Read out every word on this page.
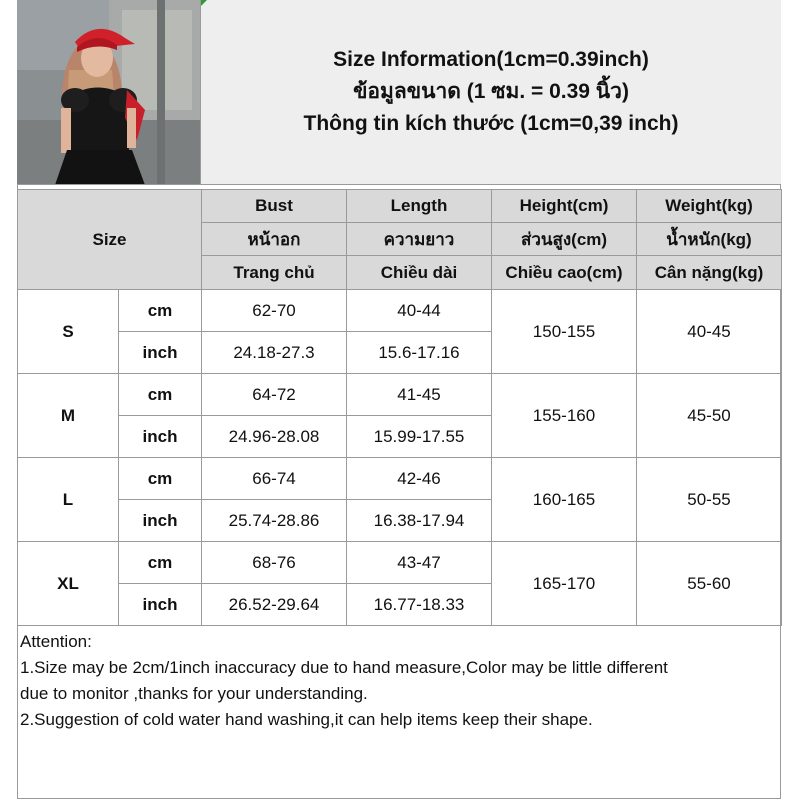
Size Information(1cm=0.39inch)
ข้อมูลขนาด (1 ซม. = 0.39 นิ้ว)
Thông tin kích thước (1cm=0,39 inch)
Size		Bust	Length	Height(cm)	Weight(kg)
		หน้าอก	ความยาว	ส่วนสูง(cm)	น้ำหนัก(kg)
		Trang chủ	Chiều dài	Chiều cao(cm)	Cân nặng(kg)
S	cm	62-70	40-44	150-155	40-45
	inch	24.18-27.3	15.6-17.16		
M	cm	64-72	41-45	155-160	45-50
	inch	24.96-28.08	15.99-17.55		
L	cm	66-74	42-46	160-165	50-55
	inch	25.74-28.86	16.38-17.94		
XL	cm	68-76	43-47	165-170	55-60
	inch	26.52-29.64	16.77-18.33		
Attention:
1.Size may be 2cm/1inch inaccuracy due to hand measure,Color may be little different
due to monitor ,thanks for your understanding.
2.Suggestion of cold water hand washing,it can help items keep their shape.
